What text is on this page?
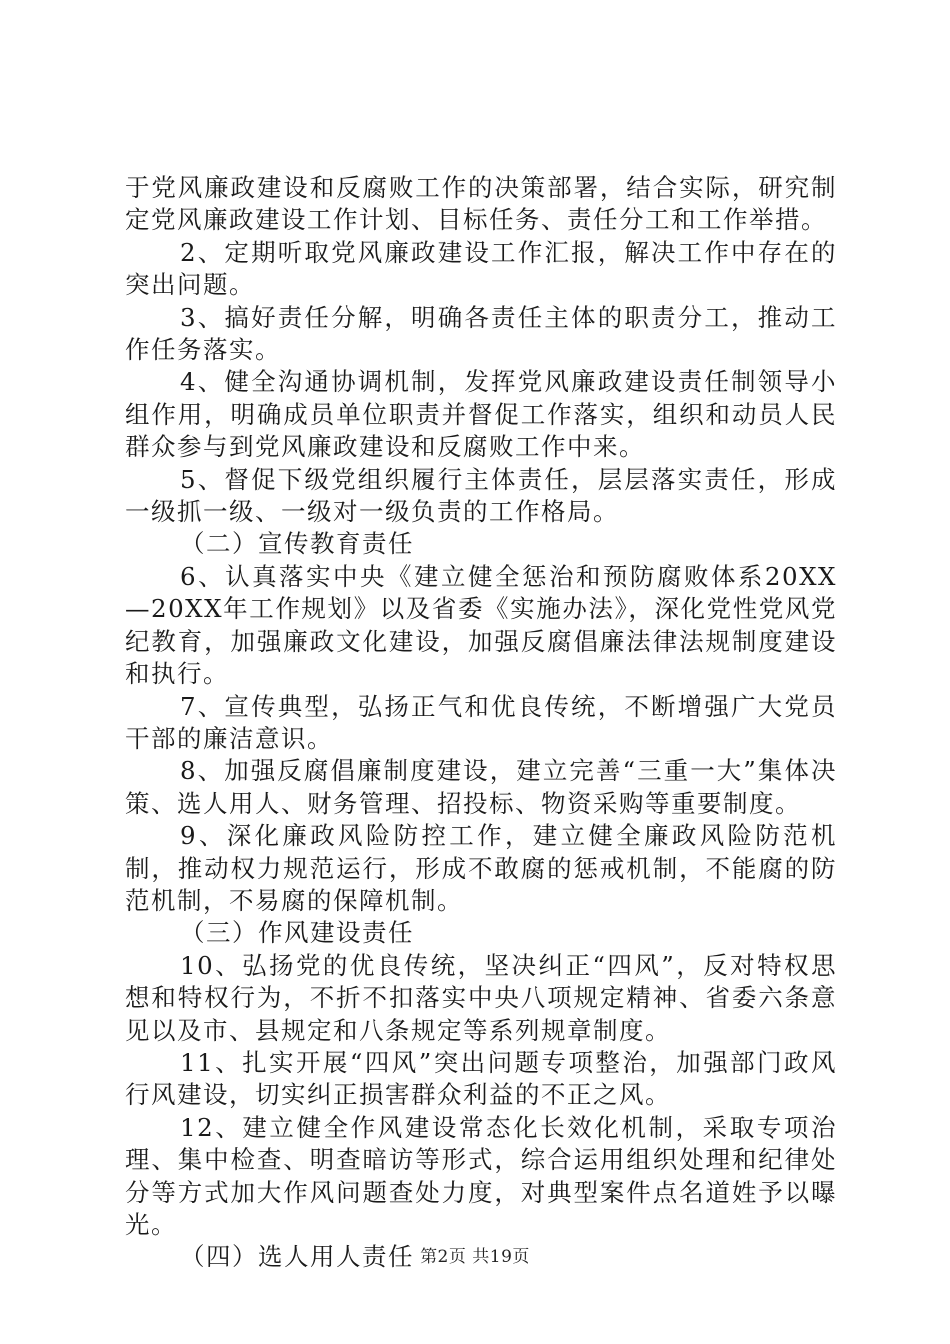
于党风廉政建设和反腐败工作的决策部署，结合实际，研究制定党风廉政建设工作计划、目标任务、责任分工和工作举措。

2、定期听取党风廉政建设工作汇报，解决工作中存在的突出问题。

3、搞好责任分解，明确各责任主体的职责分工，推动工作任务落实。

4、健全沟通协调机制，发挥党风廉政建设责任制领导小组作用，明确成员单位职责并督促工作落实，组织和动员人民群众参与到党风廉政建设和反腐败工作中来。

5、督促下级党组织履行主体责任，层层落实责任，形成一级抓一级、一级对一级负责的工作格局。

（二）宣传教育责任

6、认真落实中央《建立健全惩治和预防腐败体系20XX—20XX年工作规划》以及省委《实施办法》，深化党性党风党纪教育，加强廉政文化建设，加强反腐倡廉法律法规制度建设和执行。

7、宣传典型，弘扬正气和优良传统，不断增强广大党员干部的廉洁意识。

8、加强反腐倡廉制度建设，建立完善“三重一大”集体决策、选人用人、财务管理、招投标、物资采购等重要制度。

9、深化廉政风险防控工作，建立健全廉政风险防范机制，推动权力规范运行，形成不敢腐的惩戒机制，不能腐的防范机制，不易腐的保障机制。

（三）作风建设责任

10、弘扬党的优良传统，坚决纠正“四风”，反对特权思想和特权行为，不折不扣落实中央八项规定精神、省委六条意见以及市、县规定和八条规定等系列规章制度。

11、扎实开展“四风”突出问题专项整治，加强部门政风行风建设，切实纠正损害群众利益的不正之风。

12、建立健全作风建设常态化长效化机制，采取专项治理、集中检查、明查暗访等形式，综合运用组织处理和纪律处分等方式加大作风问题查处力度，对典型案件点名道姓予以曝光。

（四）选人用人责任 第2页 共19页
